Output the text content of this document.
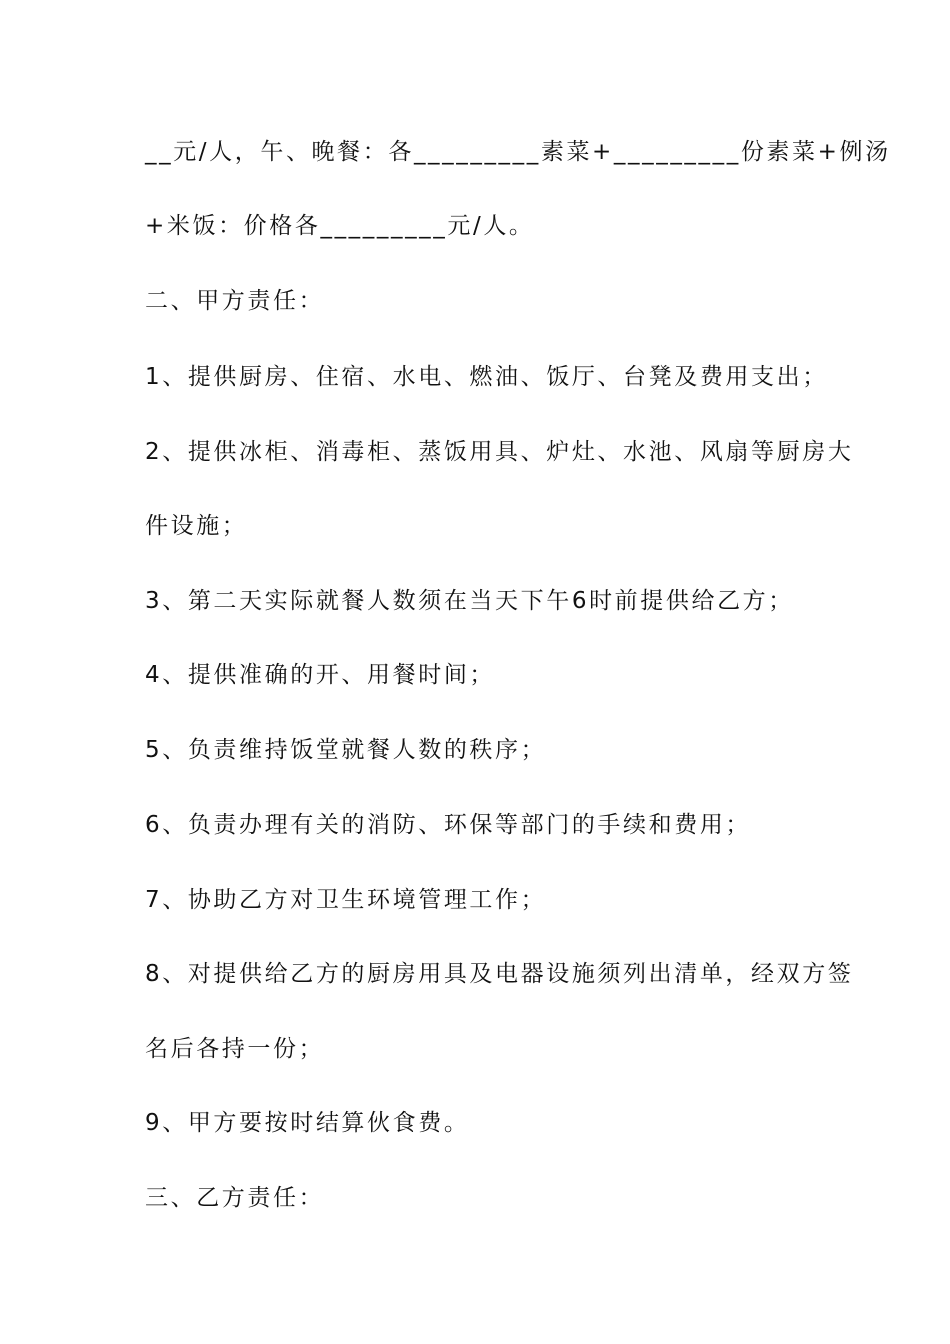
__元/人，午、晚餐：各_________素菜+_________份素菜+例汤
+米饭：价格各_________元/人。
二、甲方责任：
1、提供厨房、住宿、水电、燃油、饭厅、台凳及费用支出；
2、提供冰柜、消毒柜、蒸饭用具、炉灶、水池、风扇等厨房大
件设施；
3、第二天实际就餐人数须在当天下午6时前提供给乙方；
4、提供准确的开、用餐时间；
5、负责维持饭堂就餐人数的秩序；
6、负责办理有关的消防、环保等部门的手续和费用；
7、协助乙方对卫生环境管理工作；
8、对提供给乙方的厨房用具及电器设施须列出清单，经双方签
名后各持一份；
9、甲方要按时结算伙食费。
三、乙方责任：
